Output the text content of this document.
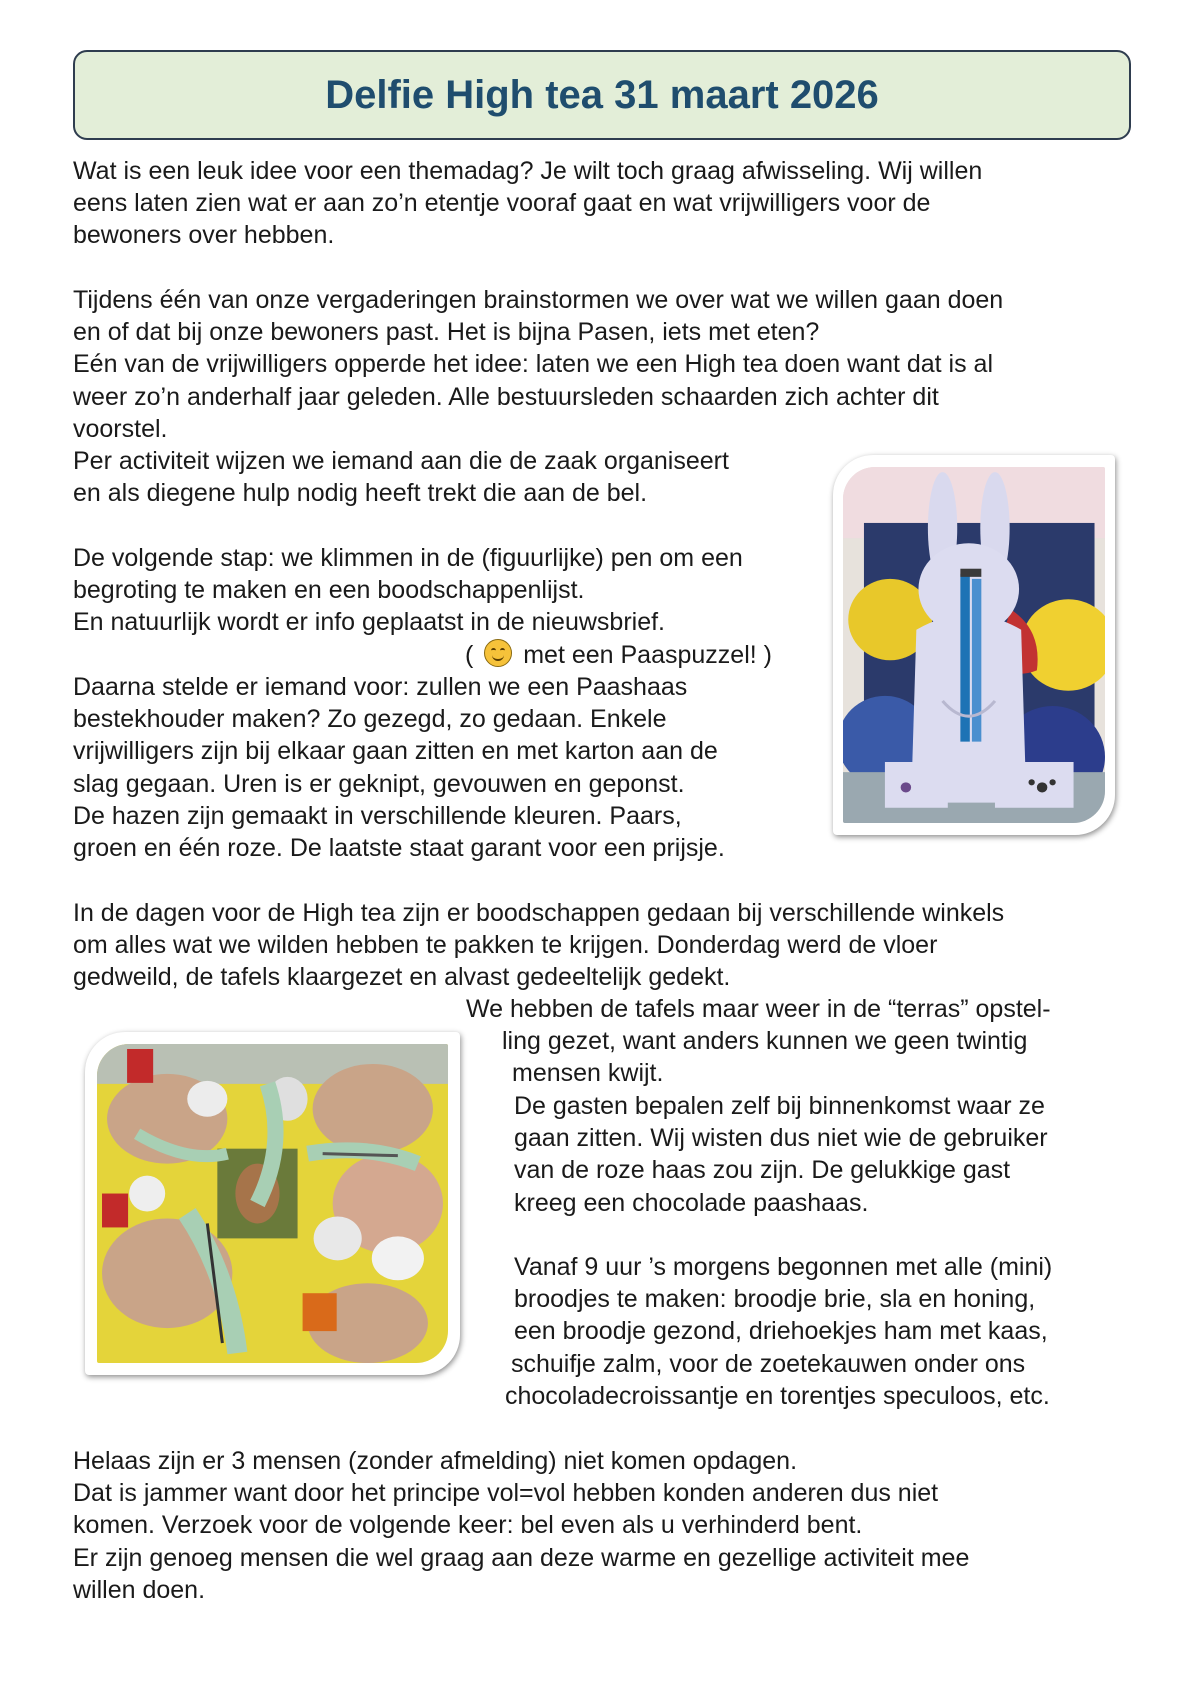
Delfie High tea 31 maart 2026

Wat is een leuk idee voor een themadag? Je wilt toch graag afwisseling. Wij willen
eens laten zien wat er aan zo’n etentje vooraf gaat en wat vrijwilligers voor de
bewoners over hebben.

Tijdens één van onze vergaderingen brainstormen we over wat we willen gaan doen
en of dat bij onze bewoners past. Het is bijna Pasen, iets met eten?
Eén van de vrijwilligers opperde het idee: laten we een High tea doen want dat is al
weer zo’n anderhalf jaar geleden. Alle bestuursleden schaarden zich achter dit
voorstel.

Per activiteit wijzen we iemand aan die de zaak organiseert
en als diegene hulp nodig heeft trekt die aan de bel.

De volgende stap: we klimmen in de (figuurlijke) pen om een
begroting te maken en een boodschappenlijst.
En natuurlijk wordt er info geplaatst in de nieuwsbrief.

( met een Paaspuzzel! )

Daarna stelde er iemand voor: zullen we een Paashaas
bestekhouder maken? Zo gezegd, zo gedaan. Enkele
vrijwilligers zijn bij elkaar gaan zitten en met karton aan de
slag gegaan. Uren is er geknipt, gevouwen en geponst.
De hazen zijn gemaakt in verschillende kleuren. Paars,
groen en één roze. De laatste staat garant voor een prijsje.

In de dagen voor de High tea zijn er boodschappen gedaan bij verschillende winkels
om alles wat we wilden hebben te pakken te krijgen. Donderdag werd de vloer
gedweild, de tafels klaargezet en alvast gedeeltelijk gedekt.

We hebben de tafels maar weer in de “terras” opstel-
ling gezet, want anders kunnen we geen twintig
mensen kwijt.

De gasten bepalen zelf bij binnenkomst waar ze
gaan zitten. Wij wisten dus niet wie de gebruiker
van de roze haas zou zijn. De gelukkige gast
kreeg een chocolade paashaas.

Vanaf 9 uur ’s morgens begonnen met alle (mini)
broodjes te maken: broodje brie, sla en honing,
een broodje gezond, driehoekjes ham met kaas,
schuifje zalm, voor de zoetekauwen onder ons
chocoladecroissantje en torentjes speculoos, etc.

Helaas zijn er 3 mensen (zonder afmelding) niet komen opdagen.
Dat is jammer want door het principe vol=vol hebben konden anderen dus niet
komen. Verzoek voor de volgende keer: bel even als u verhinderd bent.
Er zijn genoeg mensen die wel graag aan deze warme en gezellige activiteit mee
willen doen.
